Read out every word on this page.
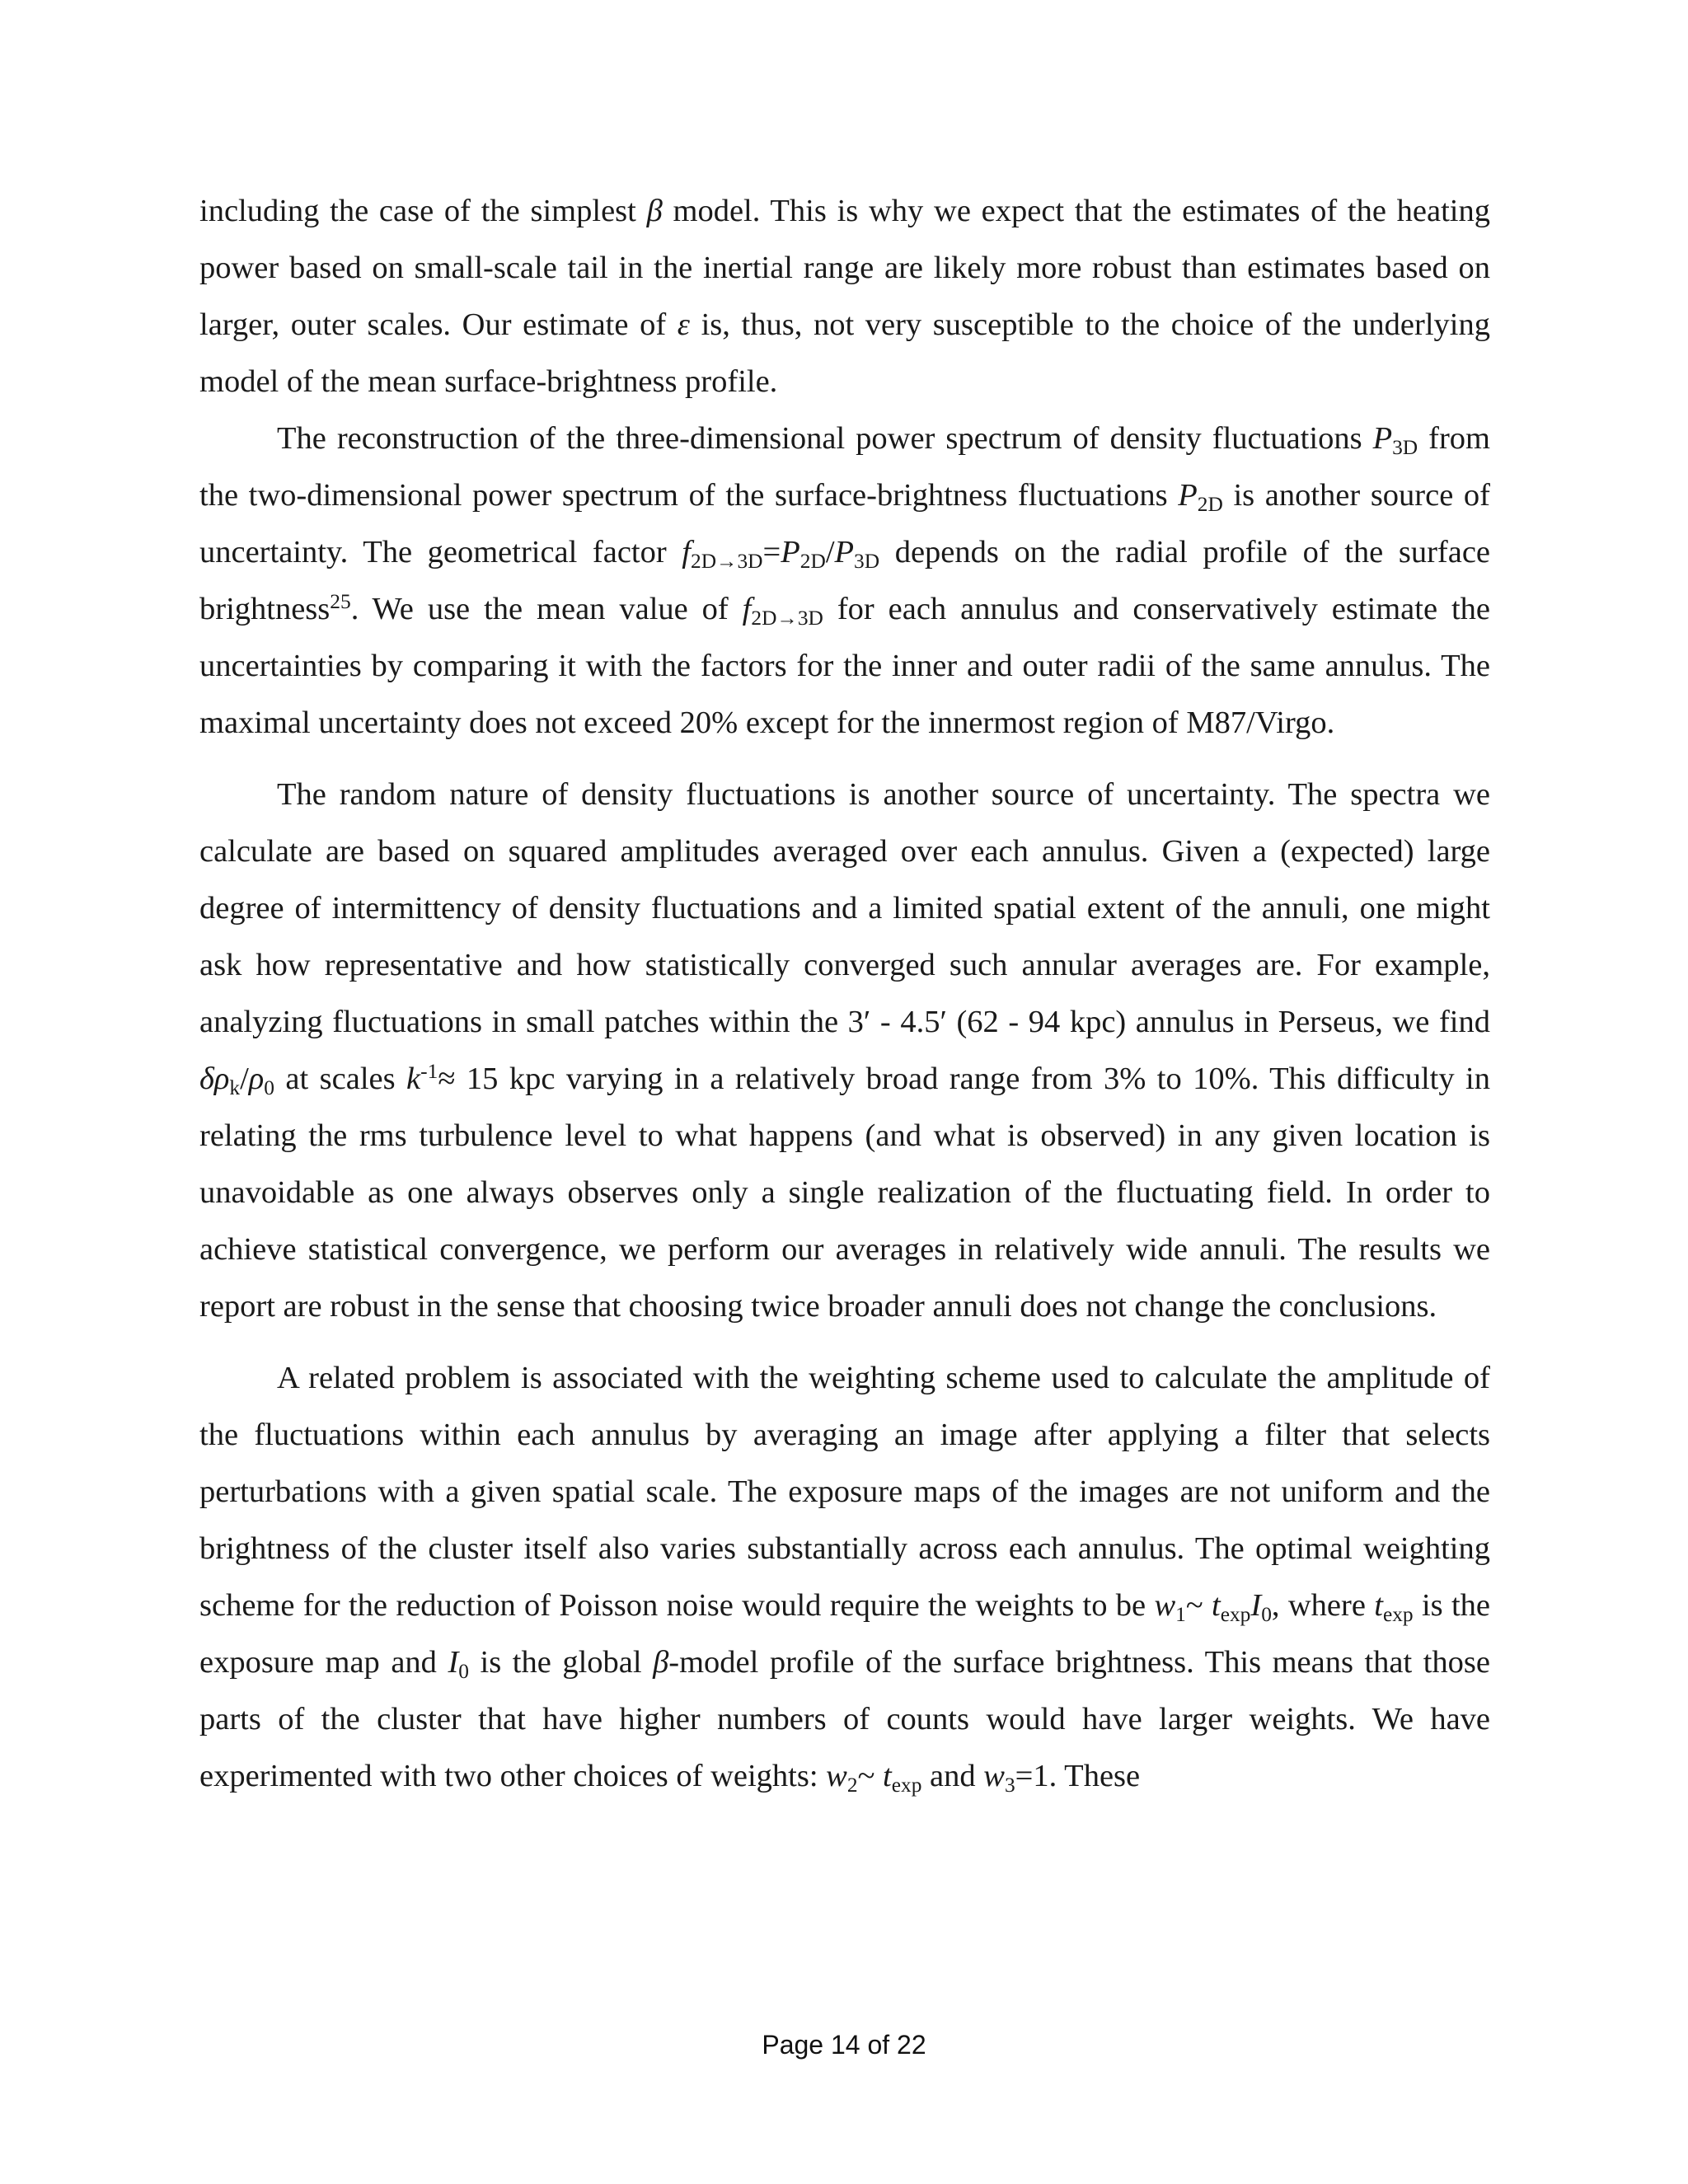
including the case of the simplest β model. This is why we expect that the estimates of the heating power based on small-scale tail in the inertial range are likely more robust than estimates based on larger, outer scales. Our estimate of ε is, thus, not very susceptible to the choice of the underlying model of the mean surface-brightness profile.

The reconstruction of the three-dimensional power spectrum of density fluctuations $P_{3D}$ from the two-dimensional power spectrum of the surface-brightness fluctuations $P_{2D}$ is another source of uncertainty. The geometrical factor $f_{2D\to 3D}=P_{2D}/P_{3D}$ depends on the radial profile of the surface brightness$^{25}$. We use the mean value of $f_{2D\to 3D}$ for each annulus and conservatively estimate the uncertainties by comparing it with the factors for the inner and outer radii of the same annulus. The maximal uncertainty does not exceed 20% except for the innermost region of M87/Virgo.

The random nature of density fluctuations is another source of uncertainty. The spectra we calculate are based on squared amplitudes averaged over each annulus. Given a (expected) large degree of intermittency of density fluctuations and a limited spatial extent of the annuli, one might ask how representative and how statistically converged such annular averages are. For example, analyzing fluctuations in small patches within the 3′ - 4.5′ (62 - 94 kpc) annulus in Perseus, we find $\delta\rho_k/\rho_0$ at scales $k^{-1}\approx 15$ kpc varying in a relatively broad range from 3% to 10%. This difficulty in relating the rms turbulence level to what happens (and what is observed) in any given location is unavoidable as one always observes only a single realization of the fluctuating field. In order to achieve statistical convergence, we perform our averages in relatively wide annuli. The results we report are robust in the sense that choosing twice broader annuli does not change the conclusions.

A related problem is associated with the weighting scheme used to calculate the amplitude of the fluctuations within each annulus by averaging an image after applying a filter that selects perturbations with a given spatial scale. The exposure maps of the images are not uniform and the brightness of the cluster itself also varies substantially across each annulus. The optimal weighting scheme for the reduction of Poisson noise would require the weights to be $w_1\sim$ $t_{exp}I_0$, where $t_{exp}$ is the exposure map and $I_0$ is the global β-model profile of the surface brightness. This means that those parts of the cluster that have higher numbers of counts would have larger weights. We have experimented with two other choices of weights: $w_2\sim$ $t_{exp}$ and $w_3=1$. These

Page 14 of 22
